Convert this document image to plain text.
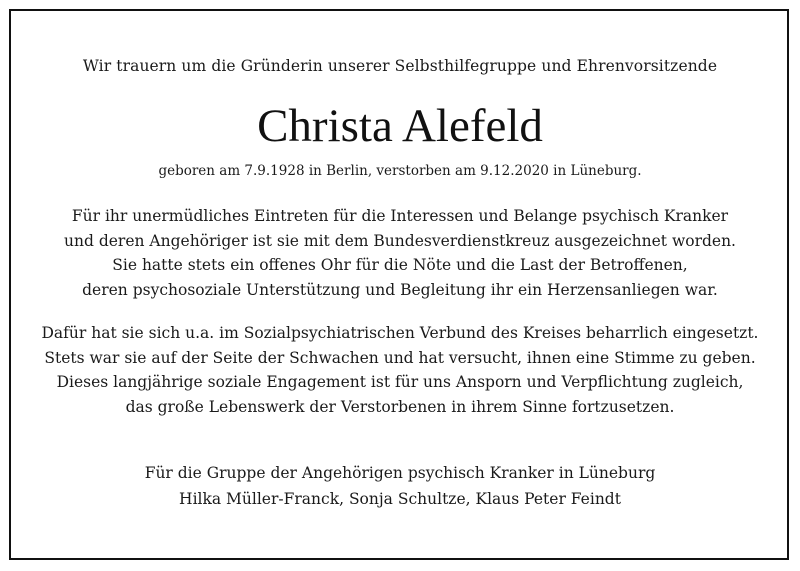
Wir trauern um die Gründerin unserer Selbsthilfegruppe und Ehrenvorsitzende
Christa Alefeld
geboren am 7.9.1928 in Berlin, verstorben am 9.12.2020 in Lüneburg.
Für ihr unermüdliches Eintreten für die Interessen und Belange psychisch Kranker
und deren Angehöriger ist sie mit dem Bundesverdienstkreuz ausgezeichnet worden.
Sie hatte stets ein offenes Ohr für die Nöte und die Last der Betroffenen,
deren psychosoziale Unterstützung und Begleitung ihr ein Herzensanliegen war.
Dafür hat sie sich u.a. im Sozialpsychiatrischen Verbund des Kreises beharrlich eingesetzt.
Stets war sie auf der Seite der Schwachen und hat versucht, ihnen eine Stimme zu geben.
Dieses langjährige soziale Engagement ist für uns Ansporn und Verpflichtung zugleich,
das große Lebenswerk der Verstorbenen in ihrem Sinne fortzusetzen.
Für die Gruppe der Angehörigen psychisch Kranker in Lüneburg
Hilka Müller-Franck, Sonja Schultze, Klaus Peter Feindt
